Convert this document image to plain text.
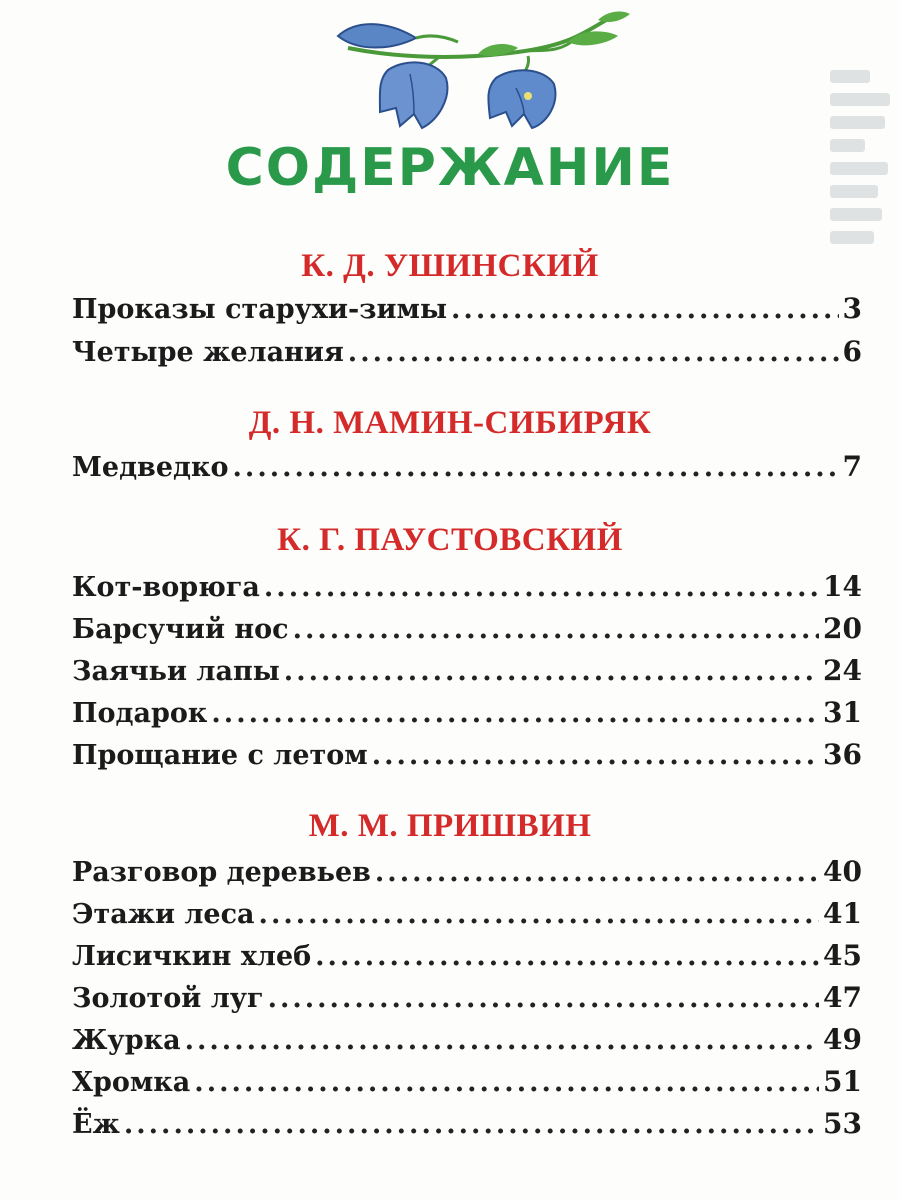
СОДЕРЖАНИЕ
К. Д. УШИНСКИЙ
Проказы старухи-зимы .....	3
Четыре желания .....	6
Д. Н. МАМИН-СИБИРЯК
Медведко .....	7
К. Г. ПАУСТОВСКИЙ
Кот-ворюга .....	14
Барсучий нос .....	20
Заячьи лапы .....	24
Подарок .....	31
Прощание с летом .....	36
М. М. ПРИШВИН
Разговор деревьев .....	40
Этажи леса .....	41
Лисичкин хлеб .....	45
Золотой луг .....	47
Журка .....	49
Хромка .....	51
Ёж .....	53
